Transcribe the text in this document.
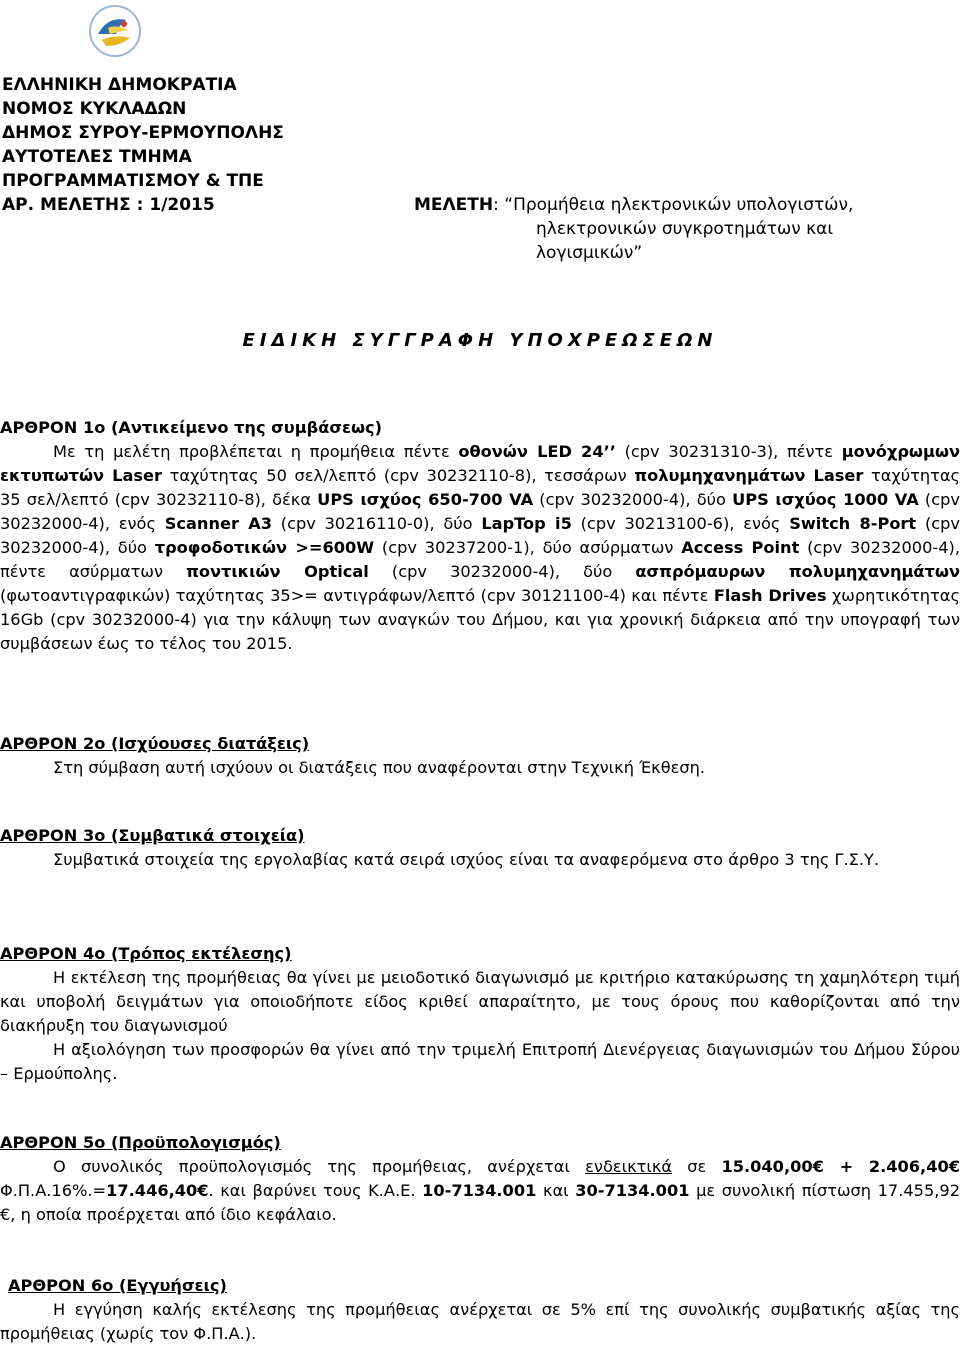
ΕΛΛΗΝΙΚΗ ΔΗΜΟΚΡΑΤΙΑ
ΝΟΜΟΣ ΚΥΚΛΑΔΩΝ
ΔΗΜΟΣ ΣΥΡΟΥ-ΕΡΜΟΥΠΟΛΗΣ
ΑΥΤΟΤΕΛΕΣ ΤΜΗΜΑ
ΠΡΟΓΡΑΜΜΑΤΙΣΜΟΥ & ΤΠΕ
ΑΡ. ΜΕΛΕΤΗΣ : 1/2015	ΜΕΛΕΤΗ: “Προμήθεια ηλεκτρονικών υπολογιστών,
ηλεκτρονικών συγκροτημάτων και
λογισμικών”
ΕΙΔΙΚΗ ΣΥΓΓΡΑΦΗ ΥΠΟΧΡΕΩΣΕΩΝ
ΑΡΘΡΟΝ 1ο (Αντικείμενο της συμβάσεως)

Με τη μελέτη προβλέπεται η προμήθεια πέντε οθονών LED 24’’ (cpv 30231310-3), πέντε μονόχρωμων εκτυπωτών Laser ταχύτητας 50 σελ/λεπτό (cpv 30232110-8), τεσσάρων πολυμηχανημάτων Laser ταχύτητας 35 σελ/λεπτό (cpv 30232110-8), δέκα UPS ισχύος 650-700 VA (cpv 30232000-4), δύο UPS ισχύος 1000 VA (cpv 30232000-4), ενός Scanner A3 (cpv 30216110-0), δύο LapTop i5 (cpv 30213100-6), ενός Switch 8-Port (cpv 30232000-4), δύο τροφοδοτικών >=600W (cpv 30237200-1), δύο ασύρματων Access Point (cpv 30232000-4), πέντε ασύρματων ποντικιών Optical (cpv 30232000-4), δύο ασπρόμαυρων πολυμηχανημάτων (φωτοαντιγραφικών) ταχύτητας 35>= αντιγράφων/λεπτό (cpv 30121100-4) και πέντε Flash Drives χωρητικότητας 16Gb (cpv 30232000-4) για την κάλυψη των αναγκών του Δήμου, και για χρονική διάρκεια από την υπογραφή των συμβάσεων έως το τέλος του 2015.

ΑΡΘΡΟΝ 2ο (Ισχύουσες διατάξεις)

Στη σύμβαση αυτή ισχύουν οι διατάξεις που αναφέρονται στην Τεχνική Έκθεση.

ΑΡΘΡΟΝ 3ο (Συμβατικά στοιχεία)

Συμβατικά στοιχεία της εργολαβίας κατά σειρά ισχύος είναι τα αναφερόμενα στο άρθρο 3 της Γ.Σ.Υ.

ΑΡΘΡΟΝ 4ο (Τρόπος εκτέλεσης)

Η εκτέλεση της προμήθειας θα γίνει με μειοδοτικό διαγωνισμό με κριτήριο κατακύρωσης τη χαμηλότερη τιμή και υποβολή δειγμάτων για οποιοδήποτε είδος κριθεί απαραίτητο, με τους όρους που καθορίζονται από την διακήρυξη του διαγωνισμού

Η αξιολόγηση των προσφορών θα γίνει από την τριμελή Επιτροπή Διενέργειας διαγωνισμών του Δήμου Σύρου – Ερμούπολης.

ΑΡΘΡΟΝ 5ο (Προϋπολογισμός)

Ο συνολικός προϋπολογισμός της προμήθειας, ανέρχεται ενδεικτικά σε 15.040,00€ + 2.406,40€ Φ.Π.Α.16%.=17.446,40€. και βαρύνει τους Κ.Α.Ε. 10-7134.001 και 30-7134.001 με συνολική πίστωση 17.455,92 €, η οποία προέρχεται από ίδιο κεφάλαιο.

ΑΡΘΡΟΝ 6ο (Εγγυήσεις)

Η εγγύηση καλής εκτέλεσης της προμήθειας ανέρχεται σε 5% επί της συνολικής συμβατικής αξίας της προμήθειας (χωρίς τον Φ.Π.Α.).
